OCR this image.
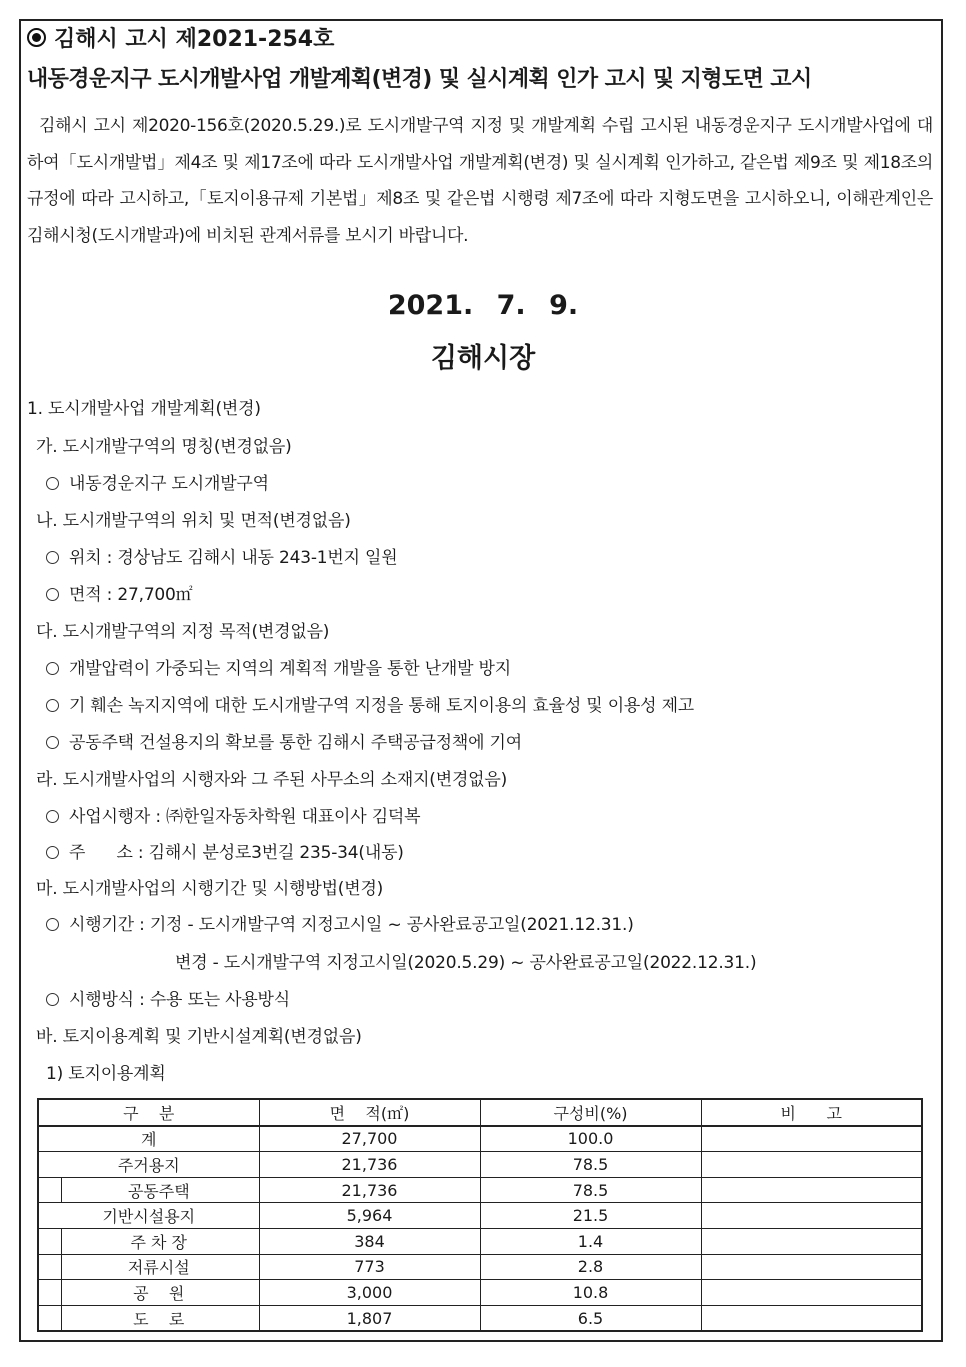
김해시 고시 제2021-254호
내동경운지구 도시개발사업 개발계획(변경) 및 실시계획 인가 고시 및 지형도면 고시
김해시 고시 제2020-156호(2020.5.29.)로 도시개발구역 지정 및 개발계획 수립 고시된 내동경운지구 도시개발사업에 대하여「도시개발법」제4조 및 제17조에 따라 도시개발사업 개발계획(변경) 및 실시계획 인가하고, 같은법 제9조 및 제18조의 규정에 따라 고시하고,「토지이용규제 기본법」제8조 및 같은법 시행령 제7조에 따라 지형도면을 고시하오니, 이해관계인은 김해시청(도시개발과)에 비치된 관계서류를 보시기 바랍니다.
2021. 7. 9.
김해시장
1. 도시개발사업 개발계획(변경)
가. 도시개발구역의 명칭(변경없음)
내동경운지구 도시개발구역
나. 도시개발구역의 위치 및 면적(변경없음)
위치 : 경상남도 김해시 내동 243-1번지 일원
면적 : 27,700㎡
다. 도시개발구역의 지정 목적(변경없음)
개발압력이 가중되는 지역의 계획적 개발을 통한 난개발 방지
기 훼손 녹지지역에 대한 도시개발구역 지정을 통해 토지이용의 효율성 및 이용성 제고
공동주택 건설용지의 확보를 통한 김해시 주택공급정책에 기여
라. 도시개발사업의 시행자와 그 주된 사무소의 소재지(변경없음)
사업시행자 : ㈜한일자동차학원 대표이사 김덕복
주      소 : 김해시 분성로3번길 235-34(내동)
마. 도시개발사업의 시행기간 및 시행방법(변경)
시행기간 : 기정 - 도시개발구역 지정고시일 ~ 공사완료공고일(2021.12.31.)
변경 - 도시개발구역 지정고시일(2020.5.29) ~ 공사완료공고일(2022.12.31.)
시행방식 : 수용 또는 사용방식
바. 토지이용계획 및 기반시설계획(변경없음)
1) 토지이용계획
구    분	면    적(㎡)	구성비(%)	비      고
계	27,700	100.0	
주거용지	21,736	78.5	
공동주택	21,736	78.5	
기반시설용지	5,964	21.5	
주 차 장	384	1.4	
저류시설	773	2.8	
공    원	3,000	10.8	
도    로	1,807	6.5	
